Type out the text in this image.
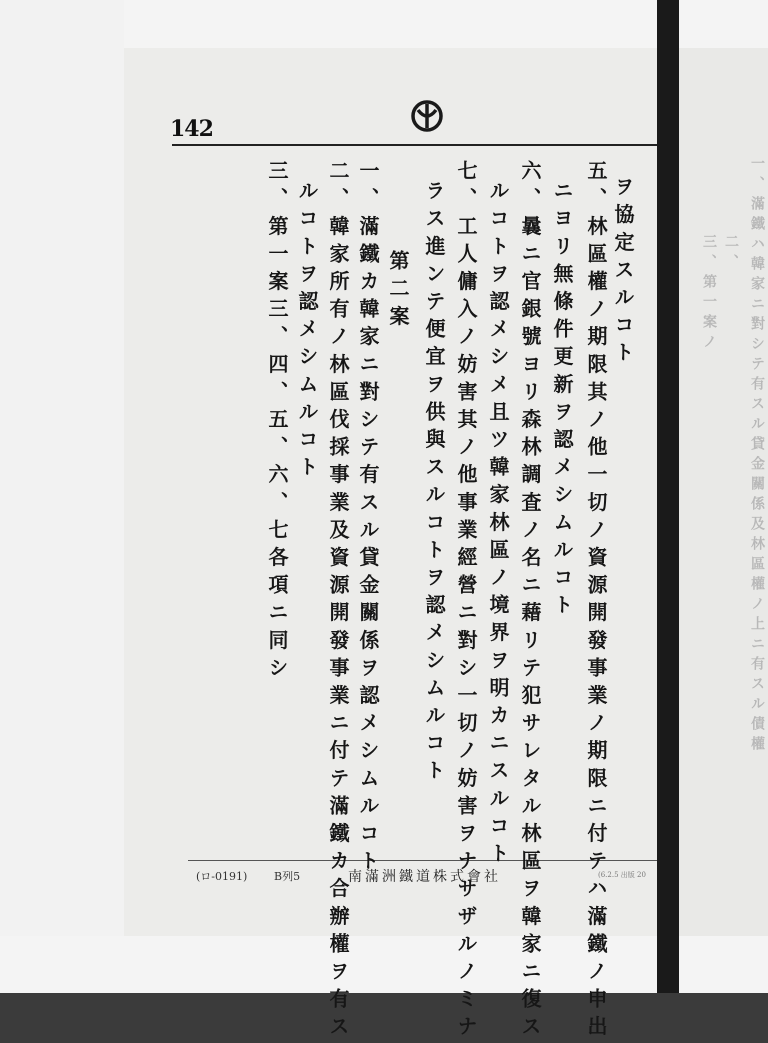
一、滿鐵ハ韓家ニ對シテ有スル貸金關係及林區權ノ上ニ有スル債權
二、
三、第一案ノ
142
ヲ協定スルコト
五、林區權ノ期限其ノ他一切ノ資源開發事業ノ期限ニ付テハ滿鐵ノ申出
ニヨリ無條件更新ヲ認メシムルコト
六、曩ニ官銀號ヨリ森林調査ノ名ニ藉リテ犯サレタル林區ヲ韓家ニ復ス
ルコトヲ認メシメ且ツ韓家林區ノ境界ヲ明カニスルコト
七、工人傭入ノ妨害其ノ他事業經營ニ對シ一切ノ妨害ヲナサザルノミナ
ラス進ンテ便宜ヲ供與スルコトヲ認メシムルコト
第二案
一、滿鐵カ韓家ニ對シテ有スル貸金關係ヲ認メシムルコト
二、韓家所有ノ林區伐採事業及資源開發事業ニ付テ滿鐵カ合辦權ヲ有ス
ルコトヲ認メシムルコト
三、第一案三、四、五、六、七各項ニ同シ
(ロ-0191) B列5	南滿洲鐵道株式會社	(6.2.5 出版 20
